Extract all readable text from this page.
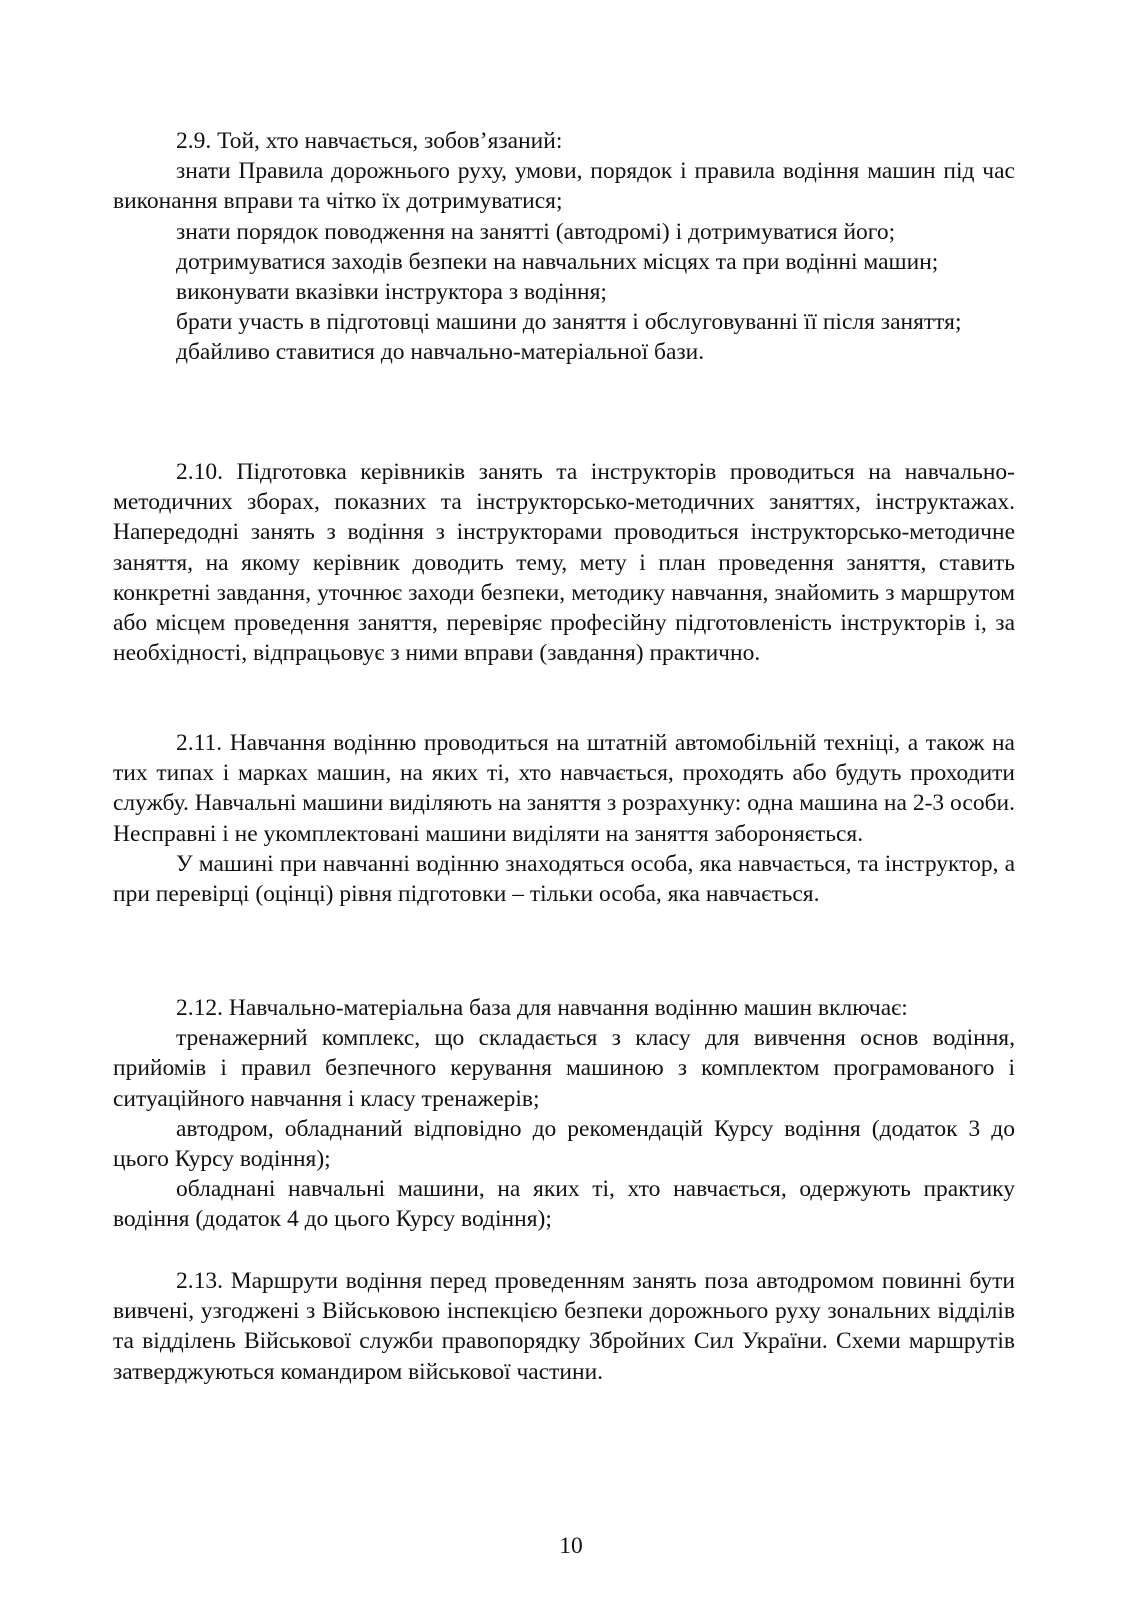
2.9. Той, хто навчається, зобов’язаний:

знати Правила дорожнього руху, умови, порядок і правила водіння машин під час виконання вправи та чітко їх дотримуватися;

знати порядок поводження на занятті (автодромі) і дотримуватися його;

дотримуватися заходів безпеки на навчальних місцях та при водінні машин;

виконувати вказівки інструктора з водіння;

брати участь в підготовці машини до заняття і обслуговуванні її після заняття;

дбайливо ставитися до навчально-матеріальної бази.

2.10. Підготовка керівників занять та інструкторів проводиться на навчально-методичних зборах, показних та інструкторсько-методичних заняттях, інструктажах. Напередодні занять з водіння з інструкторами проводиться інструкторсько-методичне заняття, на якому керівник доводить тему, мету і план проведення заняття, ставить конкретні завдання, уточнює заходи безпеки, методику навчання, знайомить з маршрутом або місцем проведення заняття, перевіряє професійну підготовленість інструкторів і, за необхідності, відпрацьовує з ними вправи (завдання) практично.

2.11. Навчання водінню проводиться на штатній автомобільній техніці, а також на тих типах і марках машин, на яких ті, хто навчається, проходять або будуть проходити службу. Навчальні машини виділяють на заняття з розрахунку: одна машина на 2-3 особи. Несправні і не укомплектовані машини виділяти на заняття забороняється.

У машині при навчанні водінню знаходяться особа, яка навчається, та інструктор, а при перевірці (оцінці) рівня підготовки – тільки особа, яка навчається.

2.12. Навчально-матеріальна база для навчання водінню машин включає:

тренажерний комплекс, що складається з класу для вивчення основ водіння, прийомів і правил безпечного керування машиною з комплектом програмованого і ситуаційного навчання і класу тренажерів;

автодром, обладнаний відповідно до рекомендацій Курсу водіння (додаток 3 до цього Курсу водіння);

обладнані навчальні машини, на яких ті, хто навчається, одержують практику водіння (додаток 4 до цього Курсу водіння);

2.13. Маршрути водіння перед проведенням занять поза автодромом повинні бути вивчені, узгоджені з Військовою інспекцією безпеки дорожнього руху зональних відділів та відділень Військової служби правопорядку Збройних Сил України. Схеми маршрутів затверджуються командиром військової частини.

10
